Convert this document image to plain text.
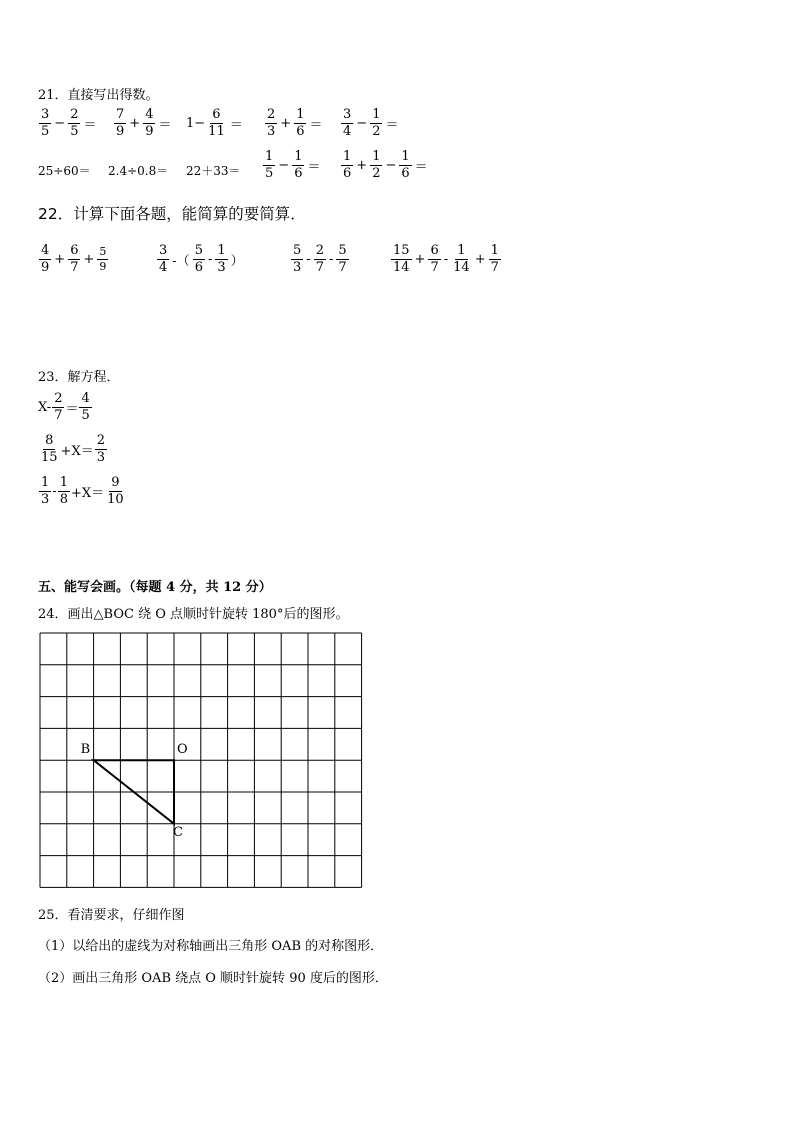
21．直接写出得数。
$\frac{3}{5} - \frac{2}{5} = \frac{7}{9} + \frac{4}{9} = 1- \frac{6}{11} = \frac{2}{3} + \frac{1}{6} = \frac{3}{4} - \frac{1}{2}$ ＝
$25\div 60= 2.4\div 0.8= 22+33= \frac{1}{5} - \frac{1}{6} = \frac{1}{6} + \frac{1}{2} - \frac{1}{6}$ ＝
22．计算下面各题，能简算的要简算．
$\frac{4}{9} + \frac{6}{7} + \frac{5}{9}$	$\frac{3}{4}$ -（ $\frac{5}{6} - \frac{1}{3}$ ）	$\frac{5}{3} - \frac{2}{7} - \frac{5}{7}$	$\frac{15}{14} + \frac{6}{7} - \frac{1}{14} + \frac{1}{7}$
23．解方程．
$X- \frac{2}{7} = \frac{4}{5}$
$\frac{8}{15} +X= \frac{2}{3}$
$\frac{1}{3} - \frac{1}{8} +X= \frac{9}{10}$
五、能写会画。（每题 4 分，共 12 分）
24．画出△BOC 绕 O 点顺时针旋转 180°后的图形。
B	O
C
25．看清要求，仔细作图
（1）以给出的虚线为对称轴画出三角形 OAB 的对称图形．
（2）画出三角形 OAB 绕点 O 顺时针旋转 90 度后的图形．
